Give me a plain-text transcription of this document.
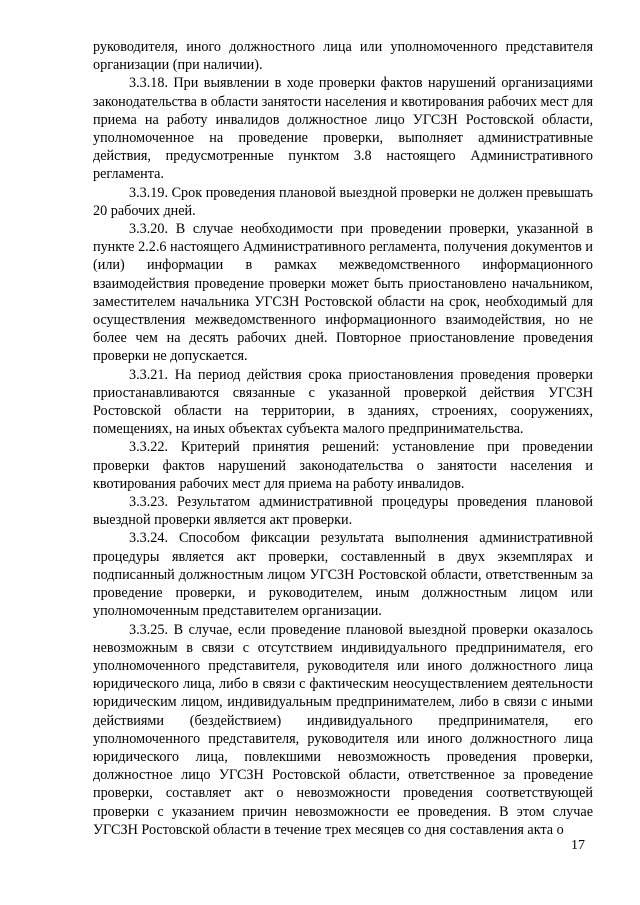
руководителя, иного должностного лица или уполномоченного представителя организации (при наличии).

3.3.18. При выявлении в ходе проверки фактов нарушений организациями законодательства в области занятости населения и квотирования рабочих мест для приема на работу инвалидов должностное лицо УГСЗН Ростовской области, уполномоченное на проведение проверки, выполняет административные действия, предусмотренные пунктом 3.8 настоящего Административного регламента.

3.3.19. Срок проведения плановой выездной проверки не должен превышать 20 рабочих дней.

3.3.20. В случае необходимости при проведении проверки, указанной в пункте 2.2.6 настоящего Административного регламента, получения документов и (или) информации в рамках межведомственного информационного взаимодействия проведение проверки может быть приостановлено начальником, заместителем начальника УГСЗН Ростовской области на срок, необходимый для осуществления межведомственного информационного взаимодействия, но не более чем на десять рабочих дней. Повторное приостановление проведения проверки не допускается.

3.3.21. На период действия срока приостановления проведения проверки приостанавливаются связанные с указанной проверкой действия УГСЗН Ростовской области на территории, в зданиях, строениях, сооружениях, помещениях, на иных объектах субъекта малого предпринимательства.

3.3.22. Критерий принятия решений: установление при проведении проверки фактов нарушений законодательства о занятости населения и квотирования рабочих мест для приема на работу инвалидов.

3.3.23. Результатом административной процедуры проведения плановой выездной проверки является акт проверки.

3.3.24. Способом фиксации результата выполнения административной процедуры является акт проверки, составленный в двух экземплярах и подписанный должностным лицом УГСЗН Ростовской области, ответственным за проведение проверки, и руководителем, иным должностным лицом или уполномоченным представителем организации.

3.3.25. В случае, если проведение плановой выездной проверки оказалось невозможным в связи с отсутствием индивидуального предпринимателя, его уполномоченного представителя, руководителя или иного должностного лица юридического лица, либо в связи с фактическим неосуществлением деятельности юридическим лицом, индивидуальным предпринимателем, либо в связи с иными действиями (бездействием) индивидуального предпринимателя, его уполномоченного представителя, руководителя или иного должностного лица юридического лица, повлекшими невозможность проведения проверки, должностное лицо УГСЗН Ростовской области, ответственное за проведение проверки, составляет акт о невозможности проведения соответствующей проверки с указанием причин невозможности ее проведения. В этом случае УГСЗН Ростовской области в течение трех месяцев со дня составления акта о

17
